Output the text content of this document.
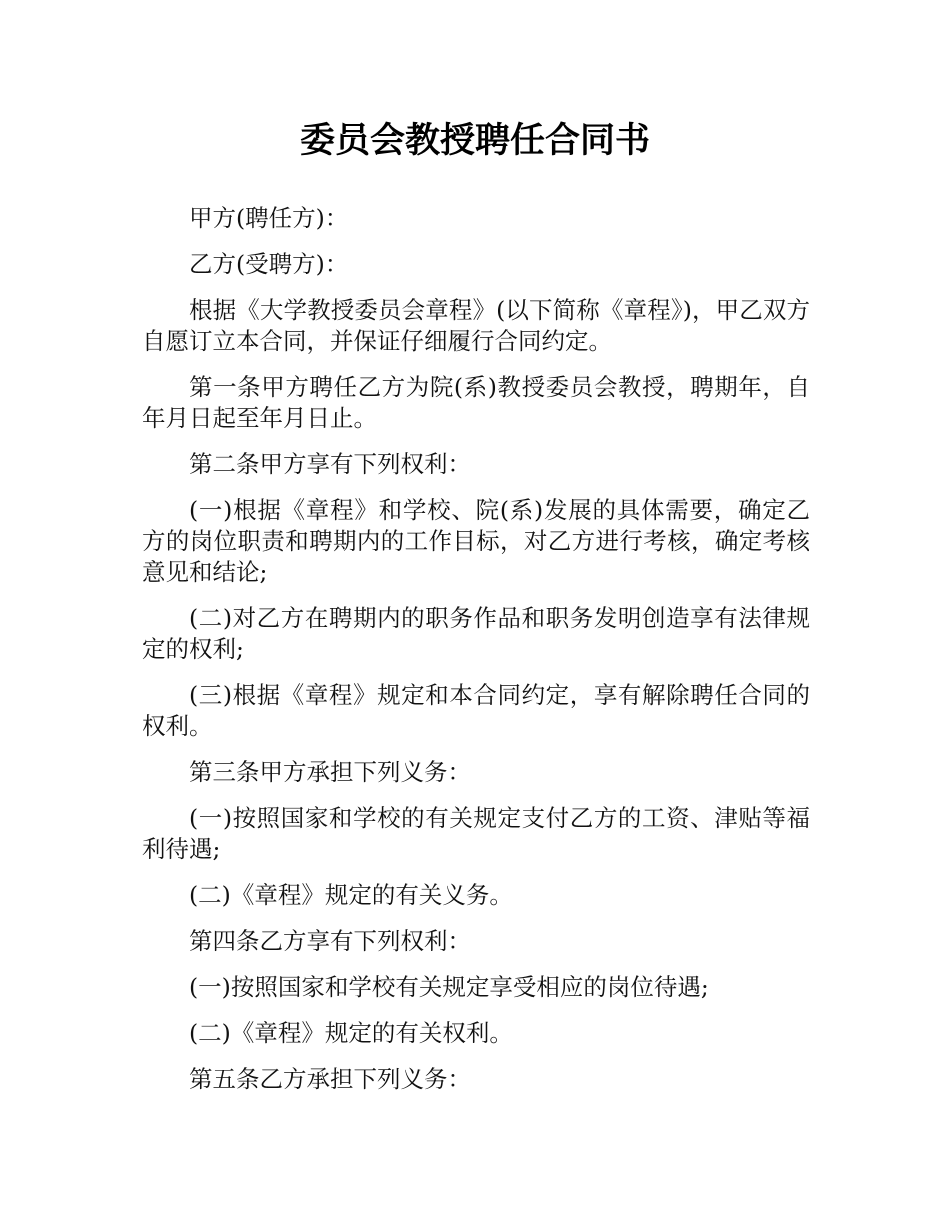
委员会教授聘任合同书

甲方(聘任方)：

乙方(受聘方)：

根据《大学教授委员会章程》(以下简称《章程》)，甲乙双方自愿订立本合同，并保证仔细履行合同约定。

第一条甲方聘任乙方为院(系)教授委员会教授，聘期年，自年月日起至年月日止。

第二条甲方享有下列权利：

(一)根据《章程》和学校、院(系)发展的具体需要，确定乙方的岗位职责和聘期内的工作目标，对乙方进行考核，确定考核意见和结论;

(二)对乙方在聘期内的职务作品和职务发明创造享有法律规定的权利;

(三)根据《章程》规定和本合同约定，享有解除聘任合同的权利。

第三条甲方承担下列义务：

(一)按照国家和学校的有关规定支付乙方的工资、津贴等福利待遇;

(二)《章程》规定的有关义务。

第四条乙方享有下列权利：

(一)按照国家和学校有关规定享受相应的岗位待遇;

(二)《章程》规定的有关权利。

第五条乙方承担下列义务：
